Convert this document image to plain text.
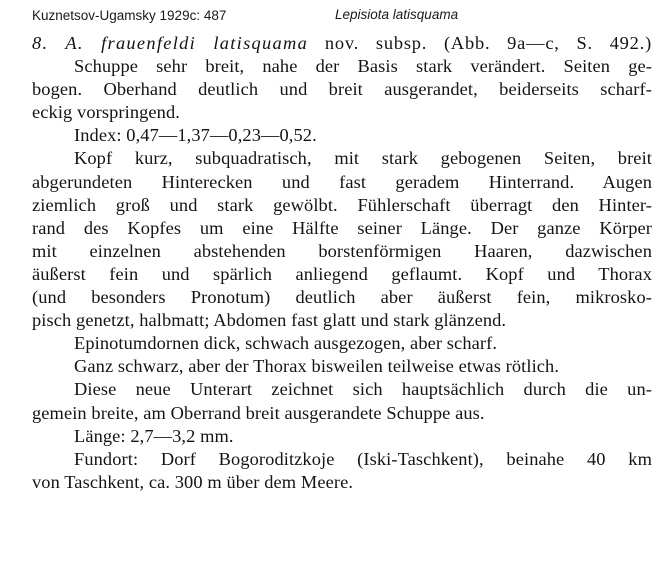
Kuznetsov-Ugamsky 1929c: 487	Lepisiota latisquama
8. A. frauenfeldi latisquama nov. subsp. (Abb. 9a—c, S. 492.)
Schuppe sehr breit, nahe der Basis stark verändert. Seiten ge-
bogen. Oberhand deutlich und breit ausgerandet, beiderseits scharf-
eckig vorspringend.
Index: 0,47—1,37—0,23—0,52.
Kopf kurz, subquadratisch, mit stark gebogenen Seiten, breit
abgerundeten Hinterecken und fast geradem Hinterrand. Augen
ziemlich groß und stark gewölbt. Fühlerschaft überragt den Hinter-
rand des Kopfes um eine Hälfte seiner Länge. Der ganze Körper
mit einzelnen abstehenden borstenförmigen Haaren, dazwischen
äußerst fein und spärlich anliegend geflaumt. Kopf und Thorax
(und besonders Pronotum) deutlich aber äußerst fein, mikrosko-
pisch genetzt, halbmatt; Abdomen fast glatt und stark glänzend.
Epinotumdornen dick, schwach ausgezogen, aber scharf.
Ganz schwarz, aber der Thorax bisweilen teilweise etwas rötlich.
Diese neue Unterart zeichnet sich hauptsächlich durch die un-
gemein breite, am Oberrand breit ausgerandete Schuppe aus.
Länge: 2,7—3,2 mm.
Fundort: Dorf Bogoroditzkoje (Iski-Taschkent), beinahe 40 km
von Taschkent, ca. 300 m über dem Meere.
